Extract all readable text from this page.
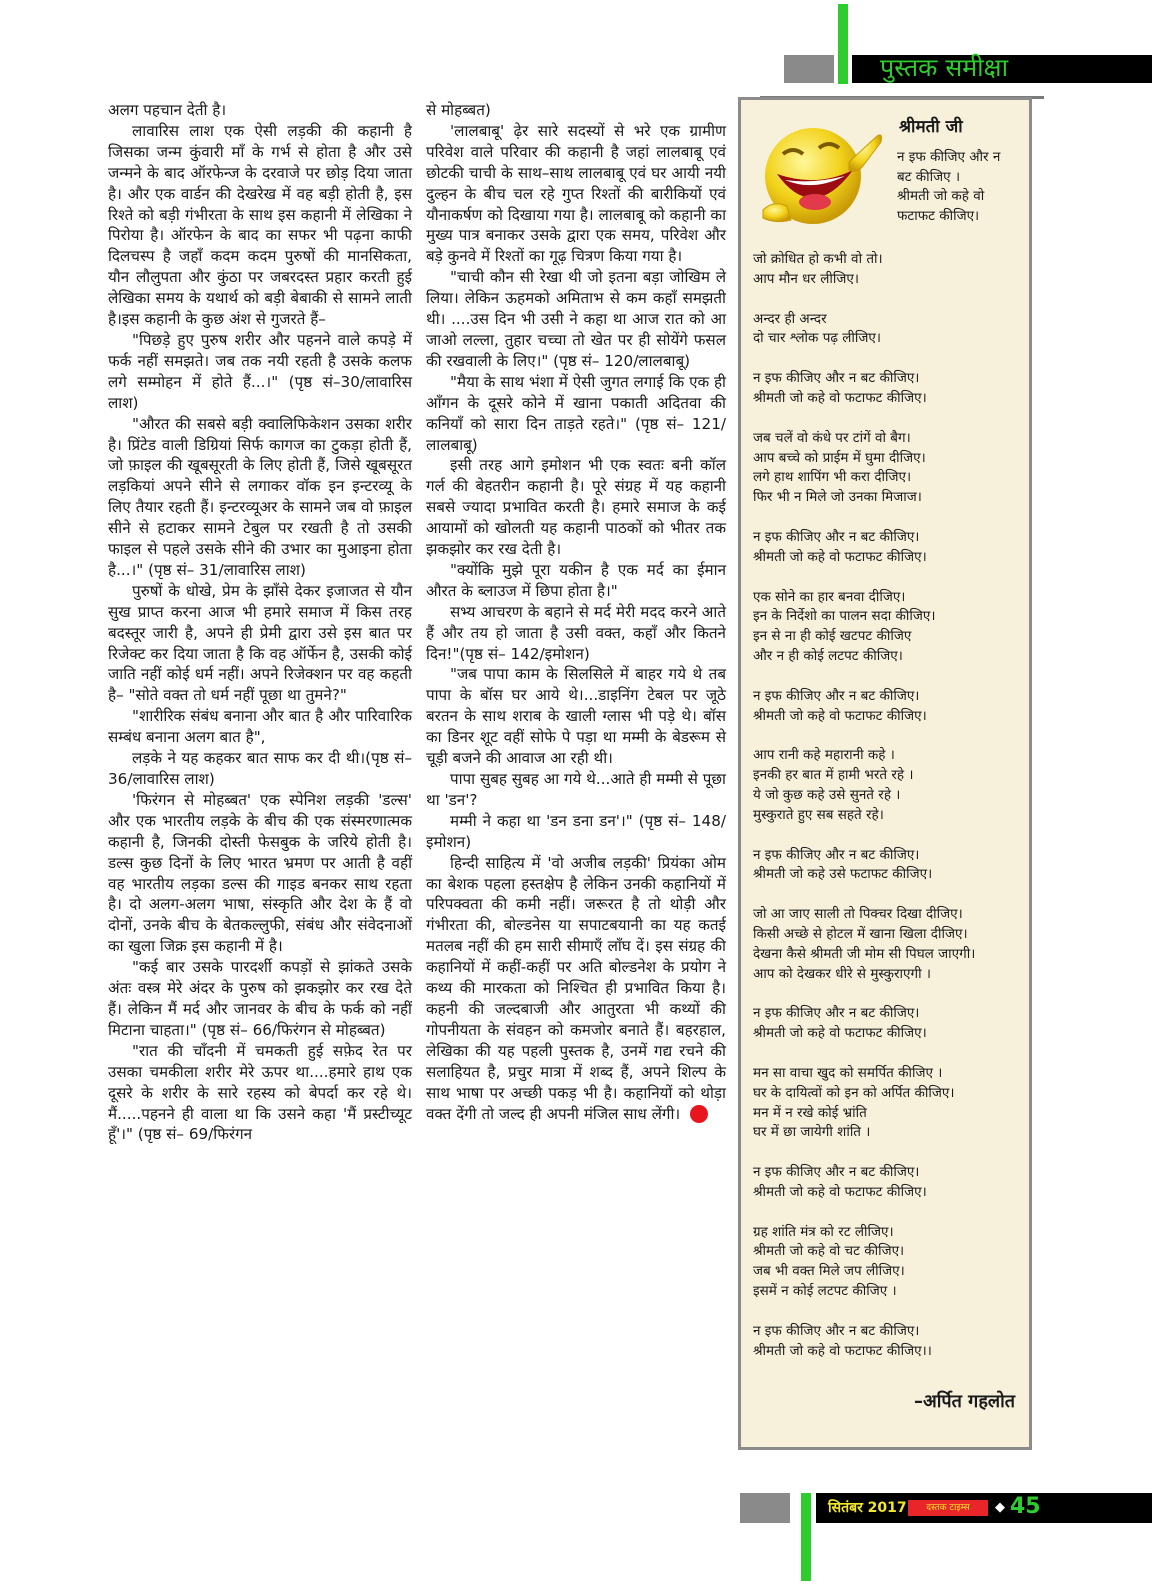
पुस्तक समीक्षा

अलग पहचान देती है।

लावारिस लाश एक ऐसी लड़की की कहानी है जिसका जन्म कुंवारी माँ के गर्भ से होता है और उसे जन्मने के बाद ऑरफेन्ज के दरवाजे पर छोड़ दिया जाता है। और एक वार्डन की देखरेख में वह बड़ी होती है, इस रिश्ते को बड़ी गंभीरता के साथ इस कहानी में लेखिका ने पिरोया है। ऑरफेन के बाद का सफर भी पढ़ना काफी दिलचस्प है जहाँ कदम कदम पुरुषों की मानसिकता, यौन लौलुपता और कुंठा पर जबरदस्त प्रहार करती हुई लेखिका समय के यथार्थ को बड़ी बेबाकी से सामने लाती है।इस कहानी के कुछ अंश से गुजरते हैं–

"पिछड़े हुए पुरुष शरीर और पहनने वाले कपड़े में फर्क नहीं समझते। जब तक नयी रहती है उसके कलफ लगे सम्मोहन में होते हैं...।" (पृष्ठ सं–30/लावारिस लाश)

"औरत की सबसे बड़ी क्वालिफिकेशन उसका शरीर है। प्रिंटेड वाली डिग्रियां सिर्फ कागज का टुकड़ा होती हैं, जो फ़ाइल की खूबसूरती के लिए होती हैं, जिसे खूबसूरत लड़कियां अपने सीने से लगाकर वॉक इन इन्टरव्यू के लिए तैयार रहती हैं। इन्टरव्यूअर के सामने जब वो फ़ाइल सीने से हटाकर सामने टेबुल पर रखती है तो उसकी फाइल से पहले उसके सीने की उभार का मुआइना होता है...।" (पृष्ठ सं– 31/लावारिस लाश)

पुरुषों के धोखे, प्रेम के झाँसे देकर इजाजत से यौन सुख प्राप्त करना आज भी हमारे समाज में किस तरह बदस्तूर जारी है, अपने ही प्रेमी द्वारा उसे इस बात पर रिजेक्ट कर दिया जाता है कि वह ऑर्फेन है, उसकी कोई जाति नहीं कोई धर्म नहीं। अपने रिजेक्शन पर वह कहती है– "सोते वक्त तो धर्म नहीं पूछा था तुमने?"

"शारीरिक संबंध बनाना और बात है और पारिवारिक सम्बंध बनाना अलग बात है",

लड़के ने यह कहकर बात साफ कर दी थी।(पृष्ठ सं– 36/लावारिस लाश)

'फिरंगन से मोहब्बत' एक स्पेनिश लड़की 'डल्स' और एक भारतीय लड़के के बीच की एक संस्मरणात्मक कहानी है, जिनकी दोस्ती फेसबुक के जरिये होती है। डल्स कुछ दिनों के लिए भारत भ्रमण पर आती है वहीं वह भारतीय लड़का डल्स की गाइड बनकर साथ रहता है। दो अलग-अलग भाषा, संस्कृति और देश के हैं वो दोनों, उनके बीच के बेतकल्लुफी, संबंध और संवेदनाओं का खुला जिक्र इस कहानी में है।

"कई बार उसके पारदर्शी कपड़ों से झांकते उसके अंतः वस्त्र मेरे अंदर के पुरुष को झकझोर कर रख देते हैं। लेकिन मैं मर्द और जानवर के बीच के फर्क को नहीं मिटाना चाहता।" (पृष्ठ सं– 66/फिरंगन से मोहब्बत)

"रात की चाँदनी में चमकती हुई सफ़ेद रेत पर उसका चमकीला शरीर मेरे ऊपर था....हमारे हाथ एक दूसरे के शरीर के सारे रहस्य को बेपर्दा कर रहे थे। मैं.....पहनने ही वाला था कि उसने कहा 'मैं प्रस्टीच्यूट हूँ'।" (पृष्ठ सं– 69/फिरंगन

से मोहब्बत)

'लालबाबू' ढ़ेर सारे सदस्यों से भरे एक ग्रामीण परिवेश वाले परिवार की कहानी है जहां लालबाबू एवं छोटकी चाची के साथ–साथ लालबाबू एवं घर आयी नयी दुल्हन के बीच चल रहे गुप्त रिश्तों की बारीकियों एवं यौनाकर्षण को दिखाया गया है। लालबाबू को कहानी का मुख्य पात्र बनाकर उसके द्वारा एक समय, परिवेश और बड़े कुनवे में रिश्तों का गूढ़ चित्रण किया गया है।

"चाची कौन सी रेखा थी जो इतना बड़ा जोखिम ले लिया। लेकिन ऊहमको अमिताभ से कम कहाँ समझती थी। ....उस दिन भी उसी ने कहा था आज रात को आ जाओ लल्ला, तुहार चच्चा तो खेत पर ही सोयेंगे फसल की रखवाली के लिए।" (पृष्ठ सं– 120/लालबाबू)

"मैया के साथ भंशा में ऐसी जुगत लगाई कि एक ही आँगन के दूसरे कोने में खाना पकाती अदितवा की कनियाँ को सारा दिन ताड़ते रहते।" (पृष्ठ सं– 121/लालबाबू)

इसी तरह आगे इमोशन भी एक स्वतः बनी कॉल गर्ल की बेहतरीन कहानी है। पूरे संग्रह में यह कहानी सबसे ज्यादा प्रभावित करती है। हमारे समाज के कई आयामों को खोलती यह कहानी पाठकों को भीतर तक झकझोर कर रख देती है।

"क्योंकि मुझे पूरा यकीन है एक मर्द का ईमान औरत के ब्लाउज में छिपा होता है।"

सभ्य आचरण के बहाने से मर्द मेरी मदद करने आते हैं और तय हो जाता है उसी वक्त, कहाँ और कितने दिन!"(पृष्ठ सं– 142/इमोशन)

"जब पापा काम के सिलसिले में बाहर गये थे तब पापा के बॉस घर आये थे।...डाइनिंग टेबल पर जूठे बरतन के साथ शराब के खाली ग्लास भी पड़े थे। बॉस का डिनर शूट वहीं सोफे पे पड़ा था मम्मी के बेडरूम से चूड़ी बजने की आवाज आ रही थी।

पापा सुबह सुबह आ गये थे...आते ही मम्मी से पूछा था 'डन'?

मम्मी ने कहा था 'डन डना डन'।" (पृष्ठ सं– 148/इमोशन)

हिन्दी साहित्य में 'वो अजीब लड़की' प्रियंका ओम का बेशक पहला हस्तक्षेप है लेकिन उनकी कहानियों में परिपक्वता की कमी नहीं। जरूरत है तो थोड़ी और गंभीरता की, बोल्डनेस या सपाटबयानी का यह कतई मतलब नहीं की हम सारी सीमाएँ लाँघ दें। इस संग्रह की कहानियों में कहीं-कहीं पर अति बोल्डनेश के प्रयोग ने कथ्य की मारकता को निश्चित ही प्रभावित किया है। कहनी की जल्दबाजी और आतुरता भी कथ्यों की गोपनीयता के संवहन को कमजोर बनाते हैं। बहरहाल, लेखिका की यह पहली पुस्तक है, उनमें गद्य रचने की सलाहियत है, प्रचुर मात्रा में शब्द हैं, अपने शिल्प के साथ भाषा पर अच्छी पकड़ भी है। कहानियों को थोड़ा वक्त देंगी तो जल्द ही अपनी मंजिल साध लेंगी।

श्रीमती जी
न इफ कीजिए और न
बट कीजिए ।
श्रीमती जो कहे वो
फटाफट कीजिए।
जो क्रोधित हो कभी वो तो।
आप मौन धर लीजिए।
अन्दर ही अन्दर
दो चार श्लोक पढ़ लीजिए।
न इफ कीजिए और न बट कीजिए।
श्रीमती जो कहे वो फटाफट कीजिए।
जब चलें वो कंधे पर टांगें वो बैग।
आप बच्चे को प्राईम में घुमा दीजिए।
लगे हाथ शापिंग भी करा दीजिए।
फिर भी न मिले जो उनका मिजाज।
न इफ कीजिए और न बट कीजिए।
श्रीमती जो कहे वो फटाफट कीजिए।
एक सोने का हार बनवा दीजिए।
इन के निर्देशो का पालन सदा कीजिए।
इन से ना ही कोई खटपट कीजिए
और न ही कोई लटपट कीजिए।
न इफ कीजिए और न बट कीजिए।
श्रीमती जो कहे वो फटाफट कीजिए।
आप रानी कहे महारानी कहे ।
इनकी हर बात में हामी भरते रहे ।
ये जो कुछ कहे उसे सुनते रहे ।
मुस्कुराते हुए सब सहते रहे।
न इफ कीजिए और न बट कीजिए।
श्रीमती जो कहे उसे फटाफट कीजिए।
जो आ जाए साली तो पिक्चर दिखा दीजिए।
किसी अच्छे से होटल में खाना खिला दीजिए।
देखना कैसे श्रीमती जी मोम सी पिघल जाएगी।
आप को देखकर धीरे से मुस्कुराएगी ।
न इफ कीजिए और न बट कीजिए।
श्रीमती जो कहे वो फटाफट कीजिए।
मन सा वाचा खुद को समर्पित कीजिए ।
घर के दायित्वों को इन को अर्पित कीजिए।
मन में न रखे कोई भ्रांति
घर में छा जायेगी शांति ।
न इफ कीजिए और न बट कीजिए।
श्रीमती जो कहे वो फटाफट कीजिए।
ग्रह शांति मंत्र को रट लीजिए।
श्रीमती जो कहे वो चट कीजिए।
जब भी वक्त मिले जप लीजिए।
इसमें न कोई लटपट कीजिए ।
न इफ कीजिए और न बट कीजिए।
श्रीमती जो कहे वो फटाफट कीजिए।।
–अर्पित गहलोत
सितंबर 2017	दस्तक टाइम्स	◆ 45
